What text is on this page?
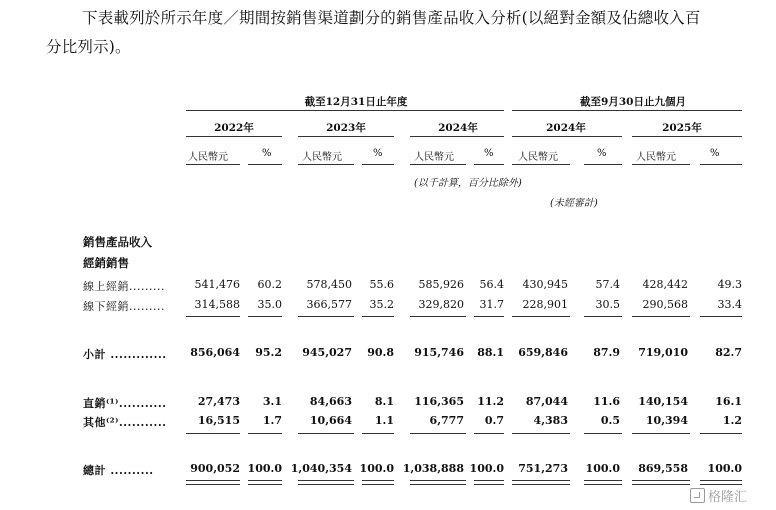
下表載列於所示年度／期間按銷售渠道劃分的銷售產品收入分析(以絕對金額及佔總收入百
分比列示)。
截至12月31日止年度	截至9月30日止九個月
2022年	2023年	2024年	2024年	2025年
人民幣元	%	人民幣元	%	人民幣元	% 人民幣元	%	人民幣元	%
(以千計算，百分比除外)
(未經審計)
銷售產品收入
經銷銷售
線上經銷.........	541,476	60.2	578,450	55.6	585,926	56.4	430,945	57.4	428,442	49.3
線下經銷.........	314,588	35.0	366,577	35.2	329,820	31.7	228,901	30.5	290,568	33.4
小計 .............	856,064	95.2	945,027	90.8	915,746	88.1	659,846	87.9	719,010	82.7
直銷⁽¹⁾...........	27,473	3.1	84,663	8.1	116,365	11.2	87,044	11.6	140,154	16.1
其他⁽²⁾...........	16,515	1.7	10,664	1.1	6,777	0.7	4,383	0.5	10,394	1.2
總計 ..........	900,052 100.0 1,040,354 100.0 1,038,888 100.0	751,273	100.0	869,558	100.0
格隆汇
